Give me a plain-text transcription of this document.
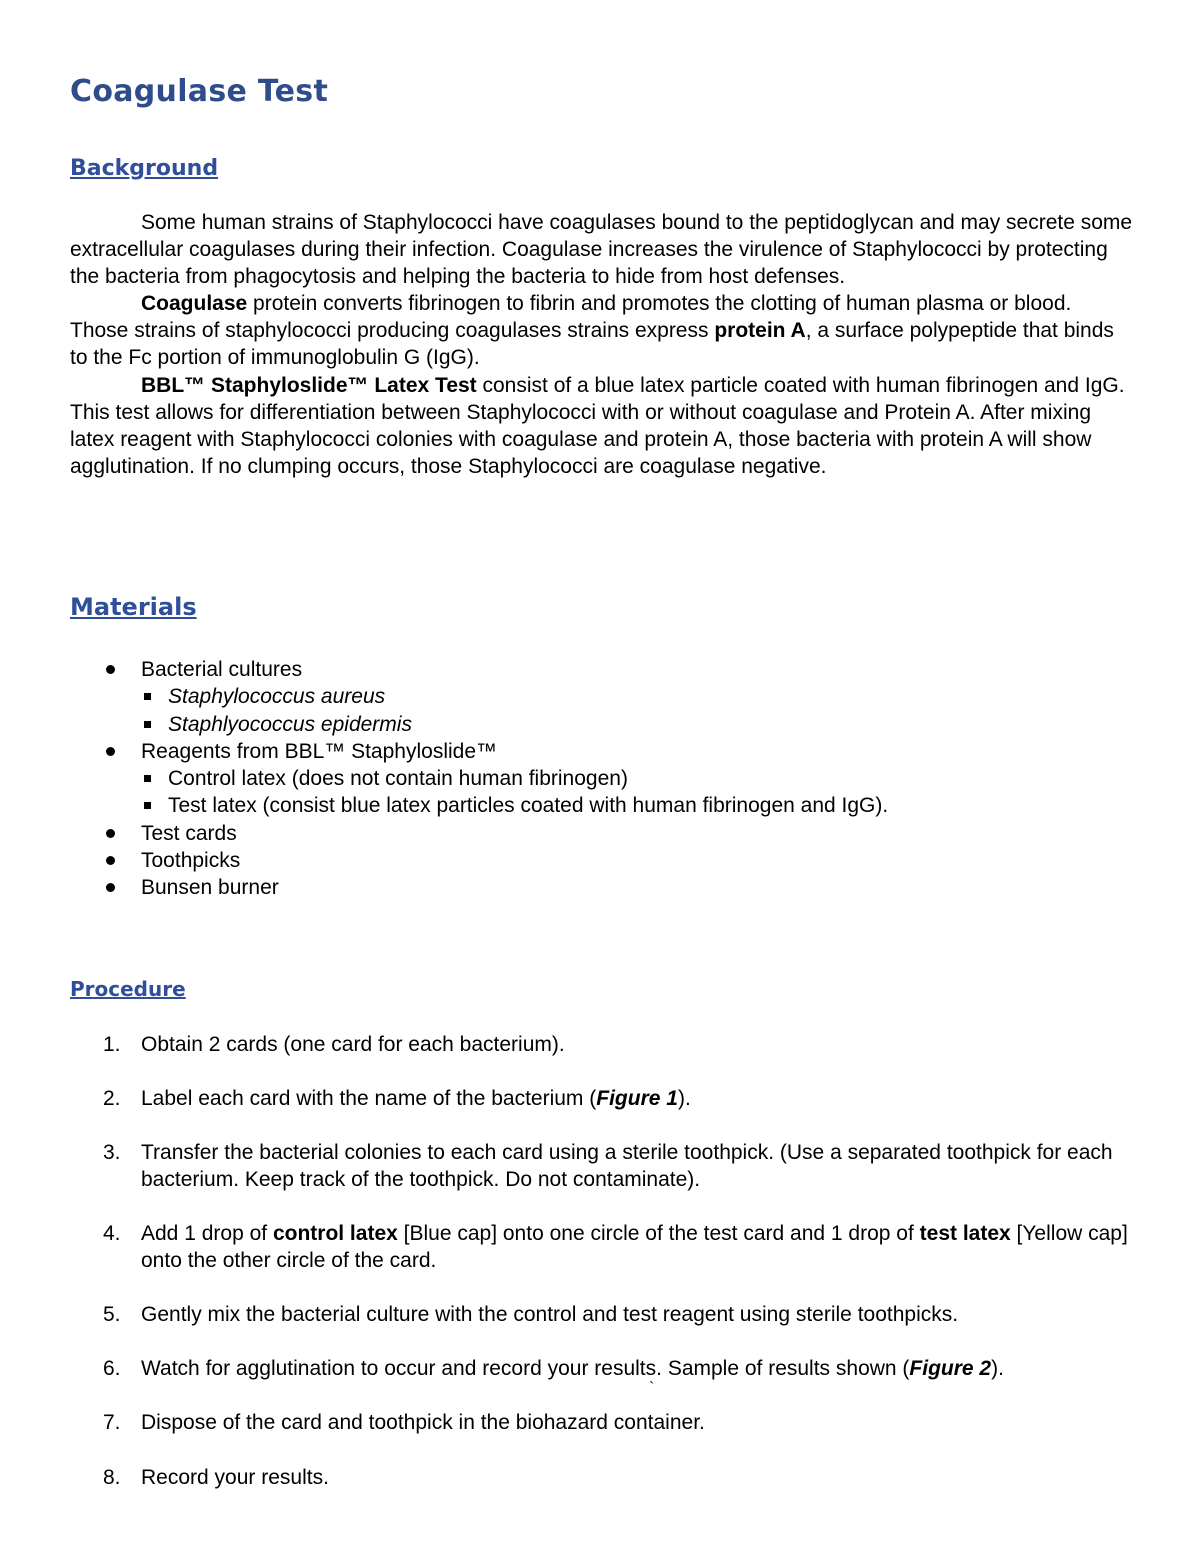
Coagulase Test
Background

Some human strains of Staphylococci have coagulases bound to the peptidoglycan and may secrete some extracellular coagulases during their infection. Coagulase increases the virulence of Staphylococci by protecting the bacteria from phagocytosis and helping the bacteria to hide from host defenses.

Coagulase protein converts fibrinogen to fibrin and promotes the clotting of human plasma or blood. Those strains of staphylococci producing coagulases strains express protein A, a surface polypeptide that binds to the Fc portion of immunoglobulin G (IgG).

BBL™ Staphyloslide™ Latex Test consist of a blue latex particle coated with human fibrinogen and IgG. This test allows for differentiation between Staphylococci with or without coagulase and Protein A. After mixing latex reagent with Staphylococci colonies with coagulase and protein A, those bacteria with protein A will show agglutination. If no clumping occurs, those Staphylococci are coagulase negative.

Materials
Bacterial cultures
Staphylococcus aureus
Staphlyococcus epidermis
Reagents from BBL™ Staphyloslide™
Control latex (does not contain human fibrinogen)
Test latex (consist blue latex particles coated with human fibrinogen and IgG).
Test cards
Toothpicks
Bunsen burner
Procedure
1. Obtain 2 cards (one card for each bacterium).
2. Label each card with the name of the bacterium (Figure 1).
3. Transfer the bacterial colonies to each card using a sterile toothpick. (Use a separated toothpick for each bacterium. Keep track of the toothpick. Do not contaminate).
4. Add 1 drop of control latex [Blue cap] onto one circle of the test card and 1 drop of test latex [Yellow cap] onto the other circle of the card.
5. Gently mix the bacterial culture with the control and test reagent using sterile toothpicks.
6. Watch for agglutination to occur and record your results. Sample of results shown (Figure 2).
7. Dispose of the card and toothpick in the biohazard container.
8. Record your results.
`
